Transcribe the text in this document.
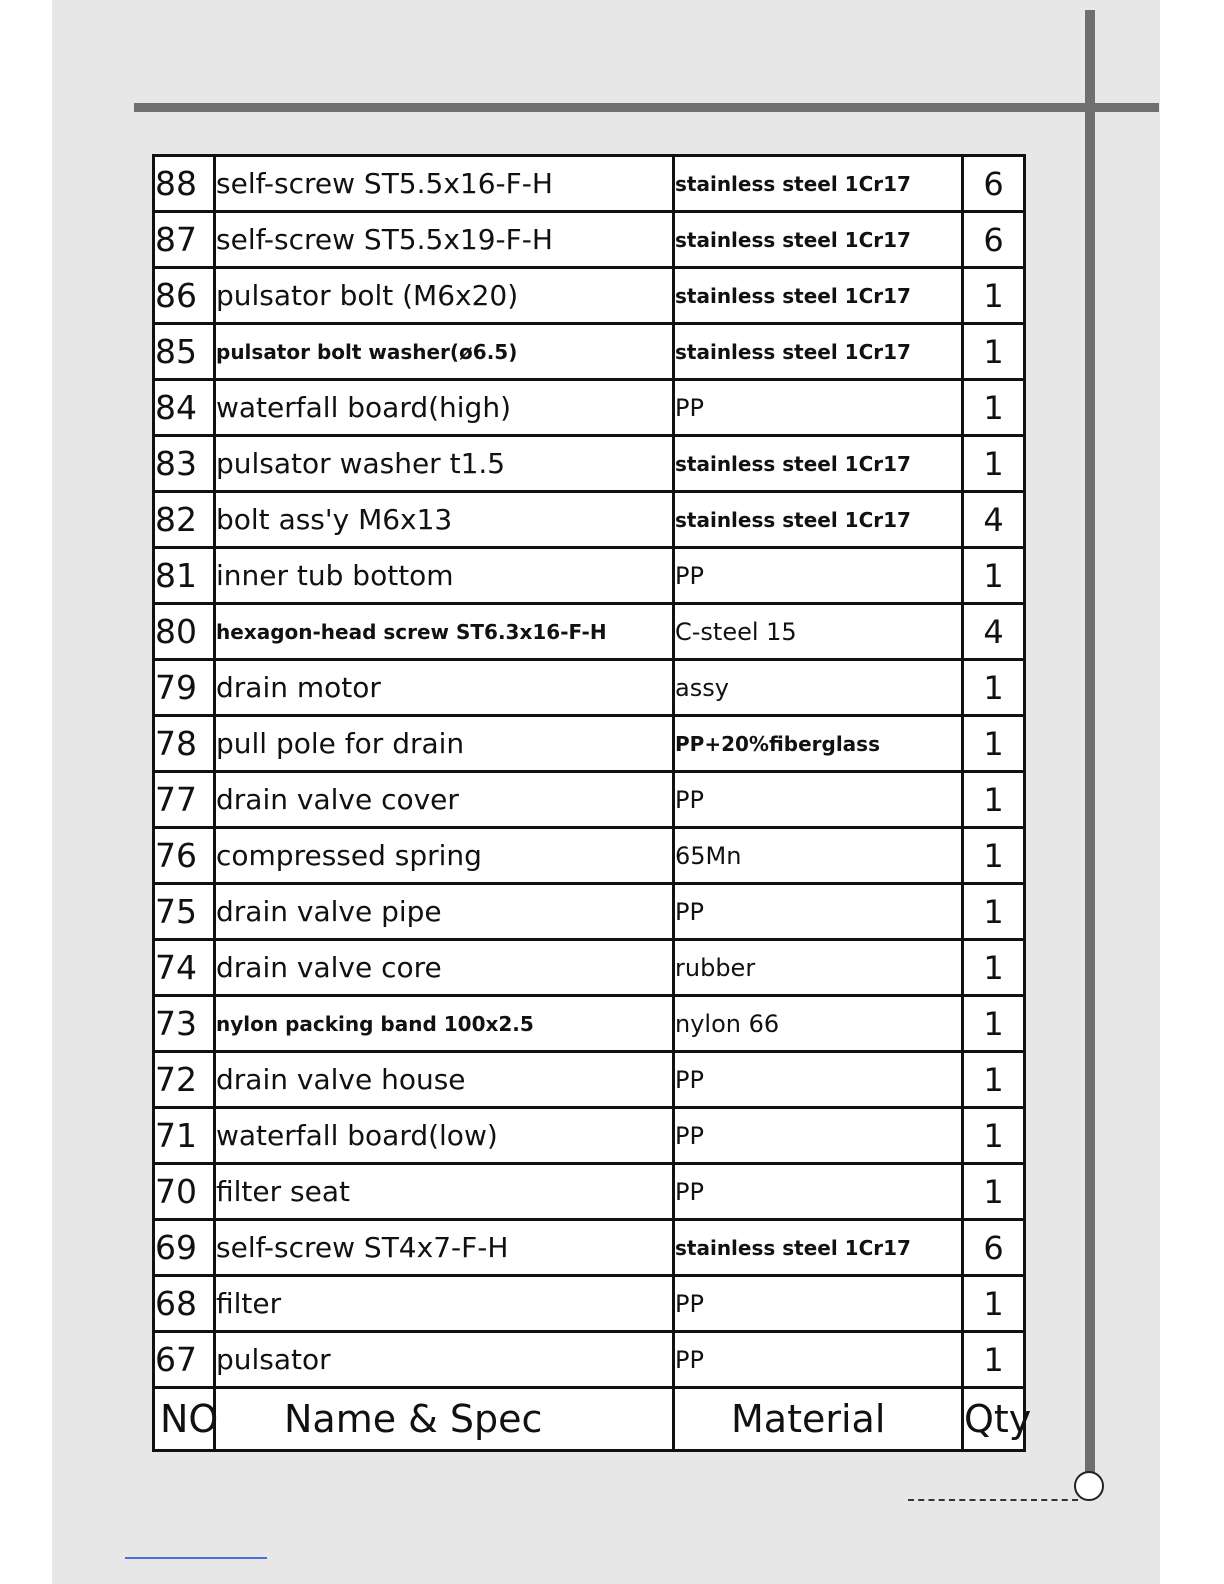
88	self-screw ST5.5x16-F-H	stainless steel 1Cr17	6
87	self-screw ST5.5x19-F-H	stainless steel 1Cr17	6
86	pulsator bolt (M6x20)	stainless steel 1Cr17	1
85	pulsator bolt washer(ø6.5)	stainless steel 1Cr17	1
84	waterfall board(high)	PP	1
83	pulsator washer t1.5	stainless steel 1Cr17	1
82	bolt ass'y M6x13	stainless steel 1Cr17	4
81	inner tub bottom	PP	1
80	hexagon-head screw ST6.3x16-F-H	C-steel 15	4
79	drain motor	assy	1
78	pull pole for drain	PP+20%fiberglass	1
77	drain valve cover	PP	1
76	compressed spring	65Mn	1
75	drain valve pipe	PP	1
74	drain valve core	rubber	1
73	nylon packing band 100x2.5	nylon 66	1
72	drain valve house	PP	1
71	waterfall board(low)	PP	1
70	filter seat	PP	1
69	self-screw ST4x7-F-H	stainless steel 1Cr17	6
68	filter	PP	1
67	pulsator	PP	1
NO	Name & Spec	Material	Qty
